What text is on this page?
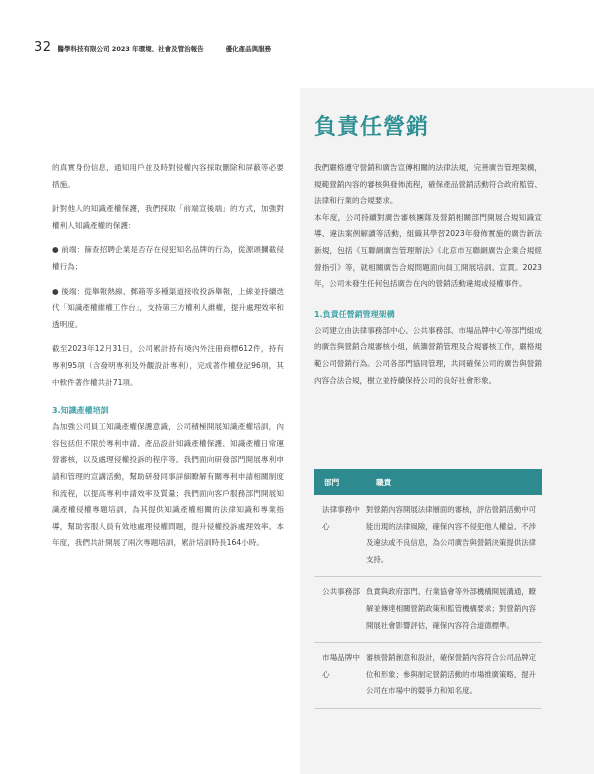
32 醫學科技有限公司 2023 年環境、社會及管治報告	優化產品與服務
負責任營銷

的真實身份信息，通知用戶並及時對侵權內容採取刪除和屏蔽等必要措施。

針對他人的知識產權保護，我們採取「前端宣後端」的方式，加強對權利人知識產權的保護：

● 前端：篩查招聘企業是否存在侵犯知名品牌的行為，從源頭攔截侵權行為；

● 後端：從舉報熱線、郵箱等多種渠道接收投訴舉報，上線並持續迭代「知識產權維權工作台」，支持第三方權利人維權，提升處理效率和透明度。

截至2023年12月31日，公司累計持有境內外注冊商標612件，持有專利95項（含發明專利及外觀設計專利），完成著作權登記96項，其中軟件著作權共計71項。

3.知識產權培訓

為加強公司員工知識產權保護意識，公司積極開展知識產權培訓，內容包括但不限於專利申請、產品設計知識產權保護、知識產權日常運營審核，以及處理侵權投訴的程序等。我們面向研發部門開展專利申請和管理的宣講活動，幫助研發同事詳細瞭解有關專利申請相關制度和流程，以提高專利申請效率及質量；我們面向客戶服務部門開展知識產權侵權專題培訓，為其提供知識產權相關的法律知識和專業指導，幫助客服人員有效地處理侵權問題，提升侵權投訴處理效率。本年度，我們共計開展了兩次專題培訓，累計培訓時長164小時。

我們嚴格遵守營銷和廣告宣傳相關的法律法規，完善廣告管理架構，規範營銷內容的審核與發佈流程，確保產品營銷活動符合政府監管、法律和行業的合規要求。

本年度，公司持續對廣告審核團隊及營銷相關部門開展合規知識宣導、違法案例解讀等活動，組織其學習2023年發佈實施的廣告新法新規，包括《互聯網廣告管理辦法》《北京市互聯網廣告企業合規經營指引》等，就相關廣告合規問題面向員工開展培訓、宣貫。2023年，公司未發生任何包括廣告在內的營銷活動違規或侵權事件。

1.負責任營銷管理架構

公司建立由法律事務部中心、公共事務部、市場品牌中心等部門組成的廣告與營銷合規審核小組，統籌營銷管理及合規審核工作，嚴格規範公司營銷行為。公司各部門協同管理，共同確保公司的廣告與營銷內容合法合規，樹立並持續保持公司的良好社會形象。

部門	職責
法律事務中心
對營銷內容開展法律層面的審核，評估營銷活動中可能出現的法律風險，確保內容不侵犯他人權益、不涉及違法或不良信息，為公司廣告與營銷決策提供法律支持。
公共事務部 負責與政府部門、行業協會等外部機構開展溝通，瞭解並傳達相關營銷政策和監管機構要求；對營銷內容開展社會影響評估，確保內容符合道德標準。
市場品牌中心
審核營銷創意和設計，確保營銷內容符合公司品牌定位和形象；參與制定營銷活動的市場推廣策略，提升公司在市場中的競爭力和知名度。
